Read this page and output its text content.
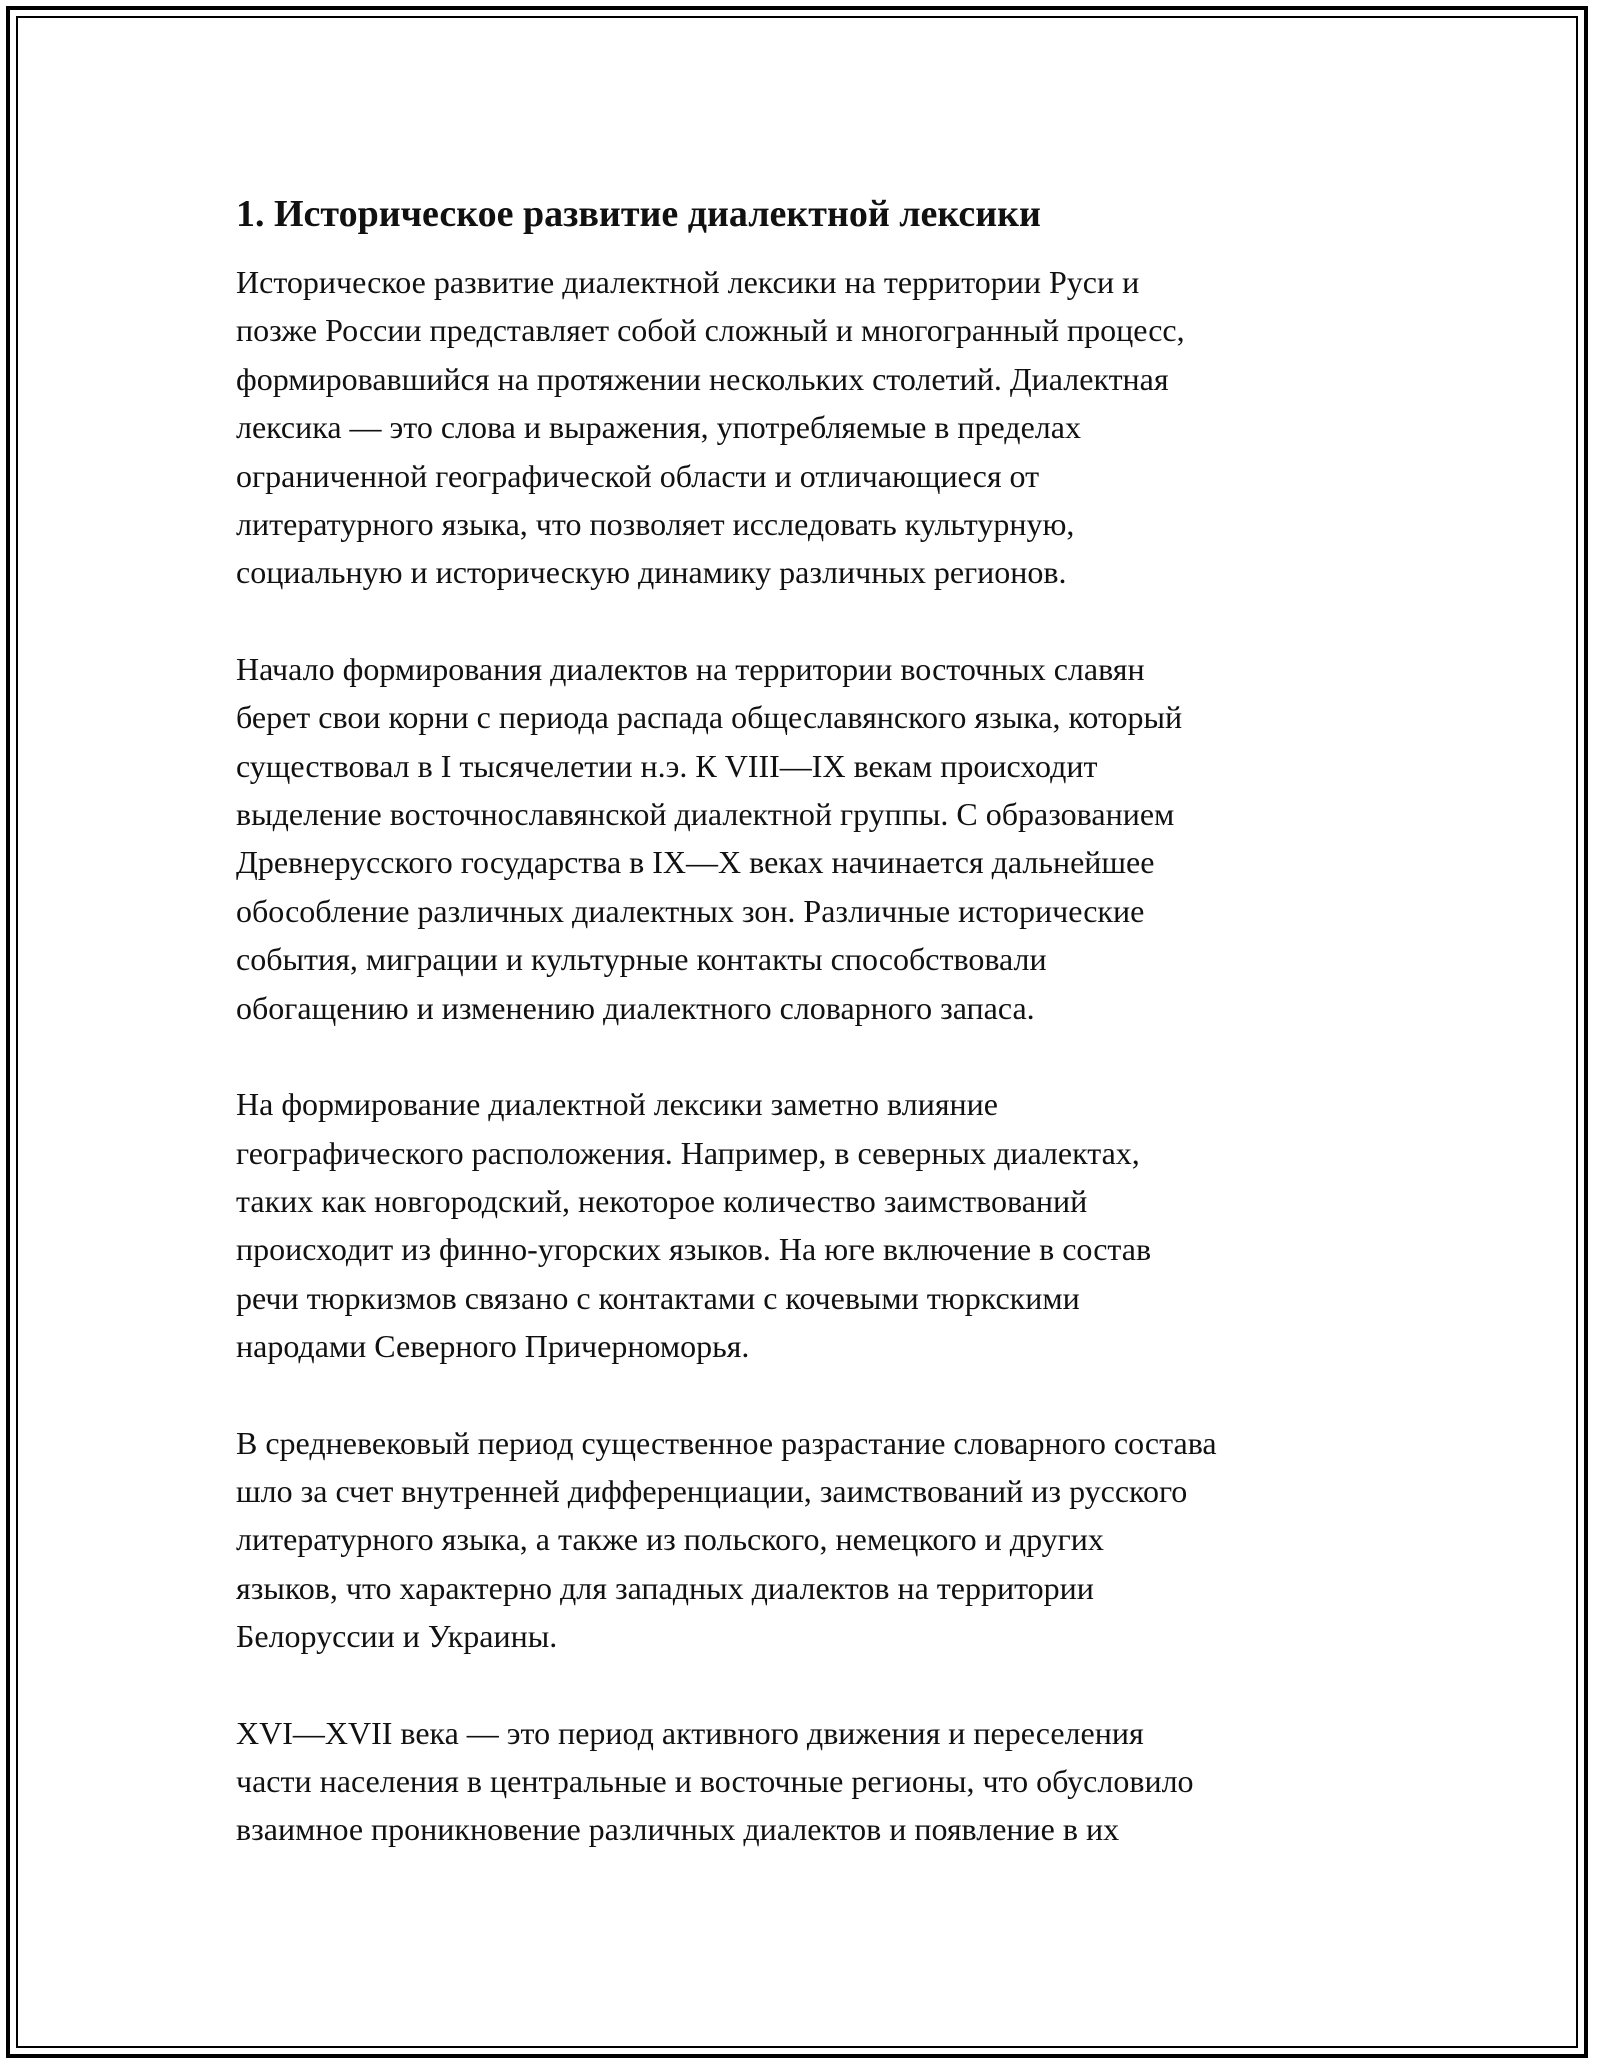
1. Историческое развитие диалектной лексики

Историческое развитие диалектной лексики на территории Руси и
позже России представляет собой сложный и многогранный процесс,
формировавшийся на протяжении нескольких столетий. Диалектная
лексика — это слова и выражения, употребляемые в пределах
ограниченной географической области и отличающиеся от
литературного языка, что позволяет исследовать культурную,
социальную и историческую динамику различных регионов.

Начало формирования диалектов на территории восточных славян
берет свои корни с периода распада общеславянского языка, который
существовал в I тысячелетии н.э. К VIII—IX векам происходит
выделение восточнославянской диалектной группы. С образованием
Древнерусского государства в IX—X веках начинается дальнейшее
обособление различных диалектных зон. Различные исторические
события, миграции и культурные контакты способствовали
обогащению и изменению диалектного словарного запаса.

На формирование диалектной лексики заметно влияние
географического расположения. Например, в северных диалектах,
таких как новгородский, некоторое количество заимствований
происходит из финно-угорских языков. На юге включение в состав
речи тюркизмов связано с контактами с кочевыми тюркскими
народами Северного Причерноморья.

В средневековый период существенное разрастание словарного состава
шло за счет внутренней дифференциации, заимствований из русского
литературного языка, а также из польского, немецкого и других
языков, что характерно для западных диалектов на территории
Белоруссии и Украины.

XVI—XVII века — это период активного движения и переселения
части населения в центральные и восточные регионы, что обусловило
взаимное проникновение различных диалектов и появление в их
